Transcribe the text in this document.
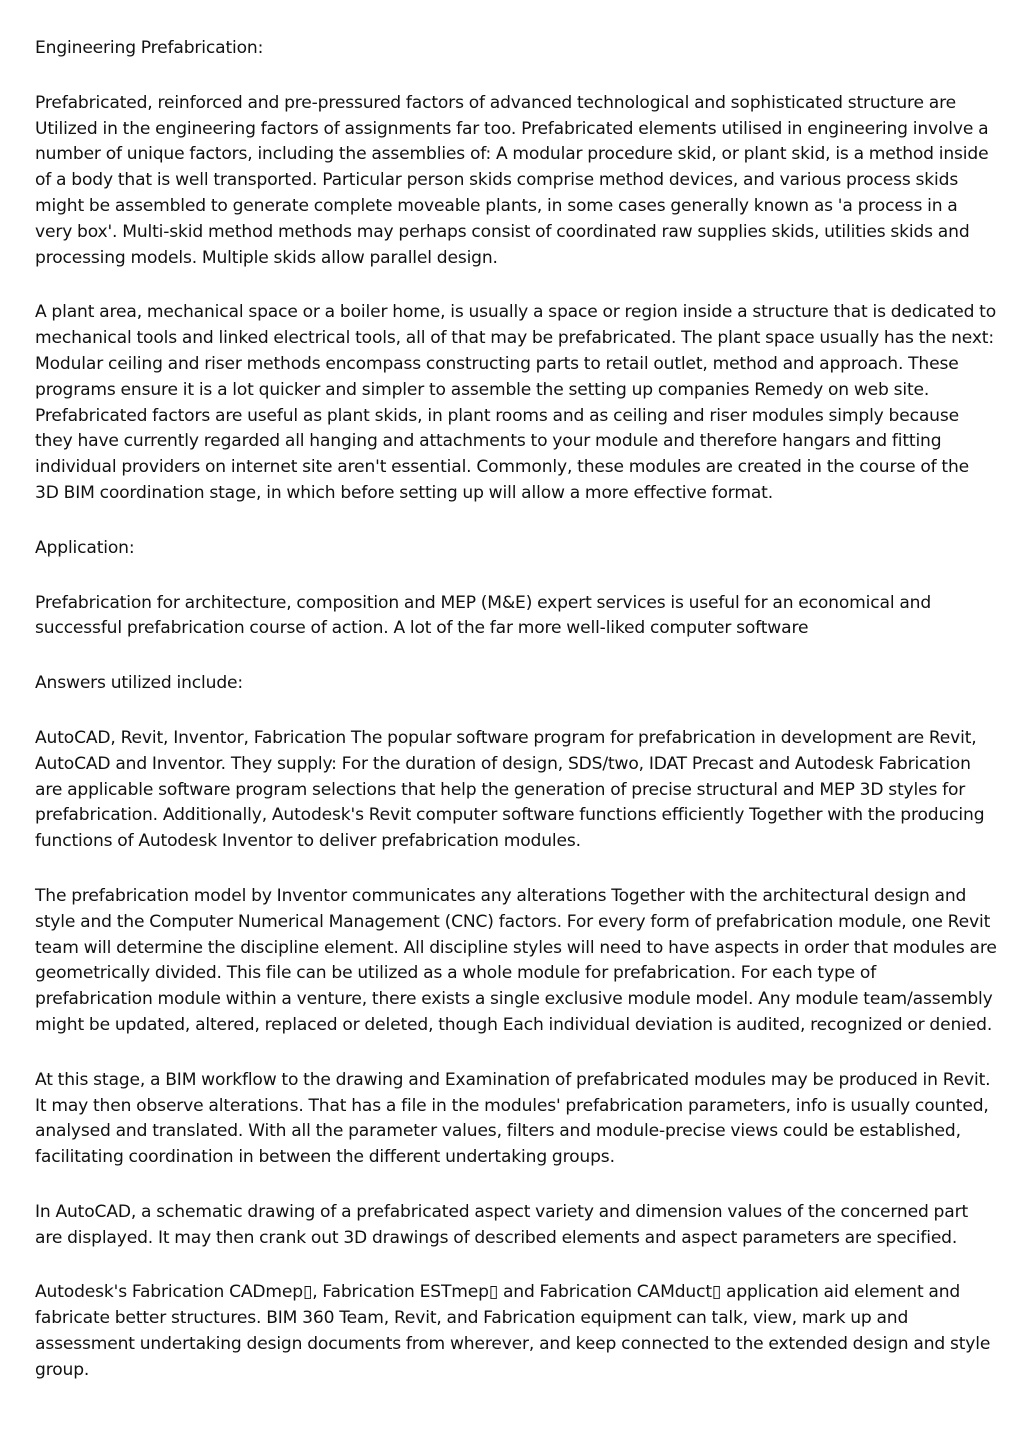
Engineering Prefabrication:

Prefabricated, reinforced and pre-pressured factors of advanced technological and sophisticated structure are Utilized in the engineering factors of assignments far too. Prefabricated elements utilised in engineering involve a number of unique factors, including the assemblies of: A modular procedure skid, or plant skid, is a method inside of a body that is well transported. Particular person skids comprise method devices, and various process skids might be assembled to generate complete moveable plants, in some cases generally known as 'a process in a very box'. Multi-skid method methods may perhaps consist of coordinated raw supplies skids, utilities skids and processing models. Multiple skids allow parallel design.

A plant area, mechanical space or a boiler home, is usually a space or region inside a structure that is dedicated to mechanical tools and linked electrical tools, all of that may be prefabricated. The plant space usually has the next: Modular ceiling and riser methods encompass constructing parts to retail outlet, method and approach. These programs ensure it is a lot quicker and simpler to assemble the setting up companies Remedy on web site. Prefabricated factors are useful as plant skids, in plant rooms and as ceiling and riser modules simply because they have currently regarded all hanging and attachments to your module and therefore hangars and fitting individual providers on internet site aren't essential. Commonly, these modules are created in the course of the 3D BIM coordination stage, in which before setting up will allow a more effective format.

Application:

Prefabrication for architecture, composition and MEP (M&E) expert services is useful for an economical and successful prefabrication course of action. A lot of the far more well-liked computer software

Answers utilized include:

AutoCAD, Revit, Inventor, Fabrication The popular software program for prefabrication in development are Revit, AutoCAD and Inventor. They supply: For the duration of design, SDS/two, IDAT Precast and Autodesk Fabrication are applicable software program selections that help the generation of precise structural and MEP 3D styles for prefabrication. Additionally, Autodesk's Revit computer software functions efficiently Together with the producing functions of Autodesk Inventor to deliver prefabrication modules.

The prefabrication model by Inventor communicates any alterations Together with the architectural design and style and the Computer Numerical Management (CNC) factors. For every form of prefabrication module, one Revit team will determine the discipline element. All discipline styles will need to have aspects in order that modules are geometrically divided. This file can be utilized as a whole module for prefabrication. For each type of prefabrication module within a venture, there exists a single exclusive module model. Any module team/assembly might be updated, altered, replaced or deleted, though Each individual deviation is audited, recognized or denied.

At this stage, a BIM workflow to the drawing and Examination of prefabricated modules may be produced in Revit. It may then observe alterations. That has a file in the modules' prefabrication parameters, info is usually counted, analysed and translated. With all the parameter values, filters and module-precise views could be established, facilitating coordination in between the different undertaking groups.

In AutoCAD, a schematic drawing of a prefabricated aspect variety and dimension values of the concerned part are displayed. It may then crank out 3D drawings of described elements and aspect parameters are specified.

Autodesk's Fabrication CADmep▯, Fabrication ESTmep▯ and Fabrication CAMduct▯ application aid element and fabricate better structures. BIM 360 Team, Revit, and Fabrication equipment can talk, view, mark up and assessment undertaking design documents from wherever, and keep connected to the extended design and style group.
